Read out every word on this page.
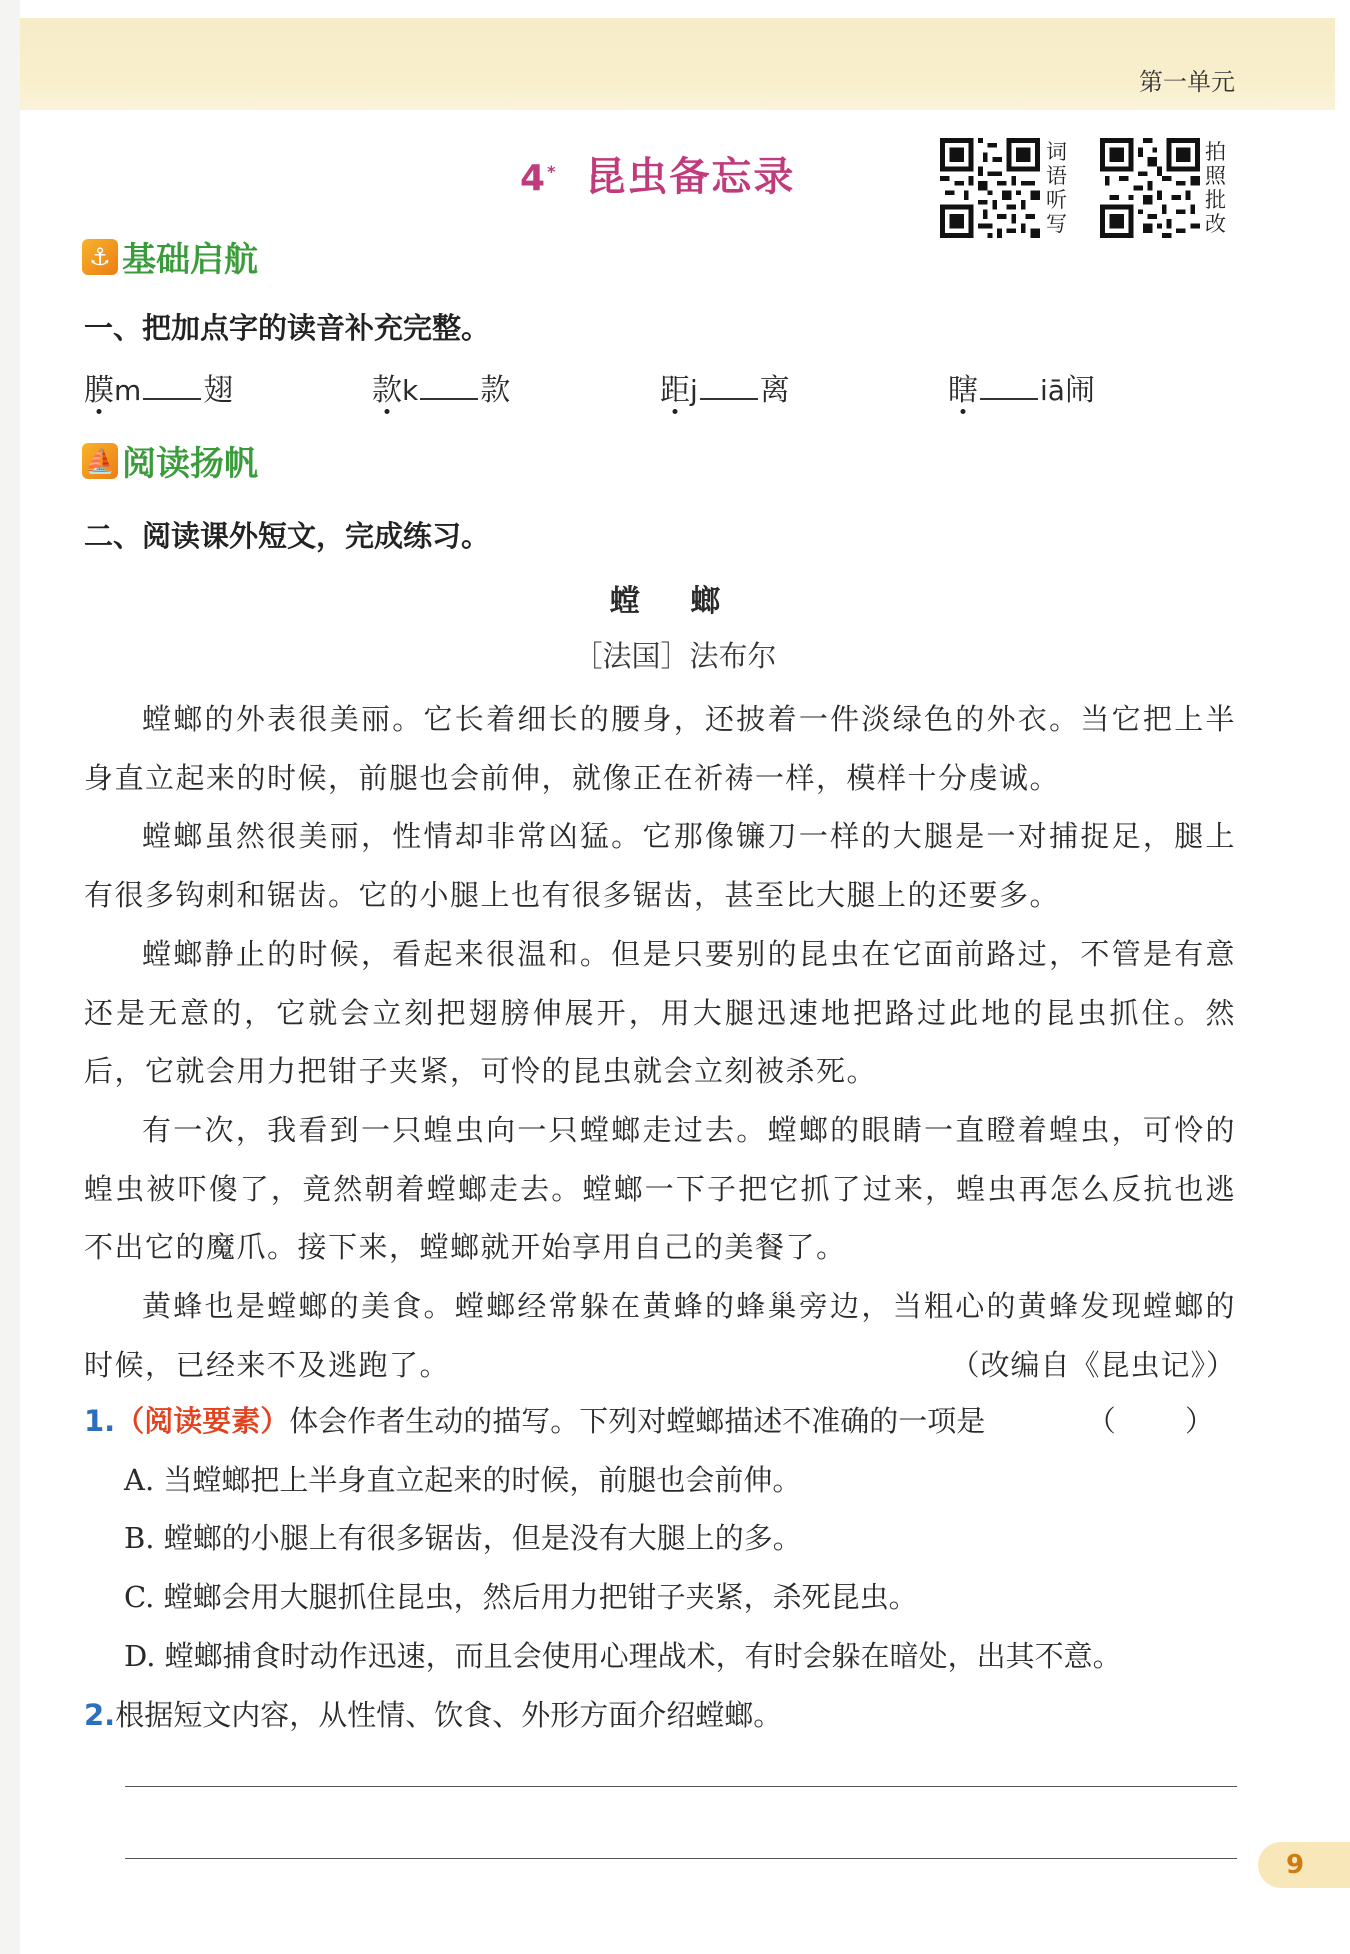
第一单元
4* 昆虫备忘录
词
语
听
写
拍
照
批
改
⚓ 基础启航
一、把加点字的读音补充完整。
膜m 翅	款k 款	距j 离	瞎 iā闹
⛵ 阅读扬帆
二、阅读课外短文，完成练习。
螳 螂
［法国］法布尔

螳螂的外表很美丽。它长着细长的腰身，还披着一件淡绿色的外衣。当它把上半身直立起来的时候，前腿也会前伸，就像正在祈祷一样，模样十分虔诚。

螳螂虽然很美丽，性情却非常凶猛。它那像镰刀一样的大腿是一对捕捉足，腿上有很多钩刺和锯齿。它的小腿上也有很多锯齿，甚至比大腿上的还要多。

螳螂静止的时候，看起来很温和。但是只要别的昆虫在它面前路过，不管是有意还是无意的，它就会立刻把翅膀伸展开，用大腿迅速地把路过此地的昆虫抓住。然后，它就会用力把钳子夹紧，可怜的昆虫就会立刻被杀死。

有一次，我看到一只蝗虫向一只螳螂走过去。螳螂的眼睛一直瞪着蝗虫，可怜的蝗虫被吓傻了，竟然朝着螳螂走去。螳螂一下子把它抓了过来，蝗虫再怎么反抗也逃不出它的魔爪。接下来，螳螂就开始享用自己的美餐了。

黄蜂也是螳螂的美食。螳螂经常躲在黄蜂的蜂巢旁边，当粗心的黄蜂发现螳螂的时候，已经来不及逃跑了。	（改编自《昆虫记》）

1.（阅读要素）体会作者生动的描写。下列对螳螂描述不准确的一项是	（ ）
A. 当螳螂把上半身直立起来的时候，前腿也会前伸。
B. 螳螂的小腿上有很多锯齿，但是没有大腿上的多。
C. 螳螂会用大腿抓住昆虫，然后用力把钳子夹紧，杀死昆虫。
D. 螳螂捕食时动作迅速，而且会使用心理战术，有时会躲在暗处，出其不意。
2.根据短文内容，从性情、饮食、外形方面介绍螳螂。
9
